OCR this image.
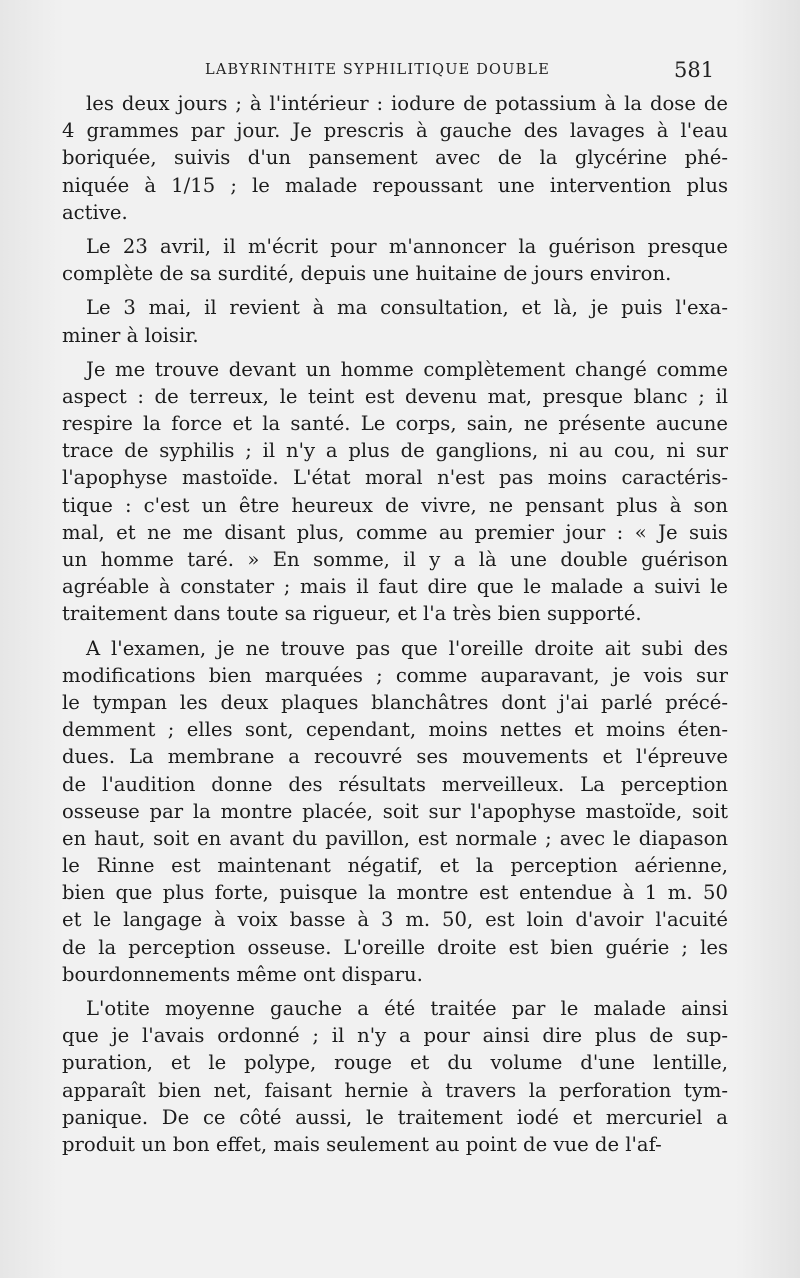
LABYRINTHITE SYPHILITIQUE DOUBLE	581
les deux jours ; à l'intérieur : iodure de potassium à la dose de
4 grammes par jour. Je prescris à gauche des lavages à l'eau
boriquée, suivis d'un pansement avec de la glycérine phé-
niquée à 1/15 ; le malade repoussant une intervention plus
active.
Le 23 avril, il m'écrit pour m'annoncer la guérison presque
complète de sa surdité, depuis une huitaine de jours environ.
Le 3 mai, il revient à ma consultation, et là, je puis l'exa-
miner à loisir.
Je me trouve devant un homme complètement changé comme
aspect : de terreux, le teint est devenu mat, presque blanc ; il
respire la force et la santé. Le corps, sain, ne présente aucune
trace de syphilis ; il n'y a plus de ganglions, ni au cou, ni sur
l'apophyse mastoïde. L'état moral n'est pas moins caractéris-
tique : c'est un être heureux de vivre, ne pensant plus à son
mal, et ne me disant plus, comme au premier jour : « Je suis
un homme taré. » En somme, il y a là une double guérison
agréable à constater ; mais il faut dire que le malade a suivi le
traitement dans toute sa rigueur, et l'a très bien supporté.
A l'examen, je ne trouve pas que l'oreille droite ait subi des
modifications bien marquées ; comme auparavant, je vois sur
le tympan les deux plaques blanchâtres dont j'ai parlé précé-
demment ; elles sont, cependant, moins nettes et moins éten-
dues. La membrane a recouvré ses mouvements et l'épreuve
de l'audition donne des résultats merveilleux. La perception
osseuse par la montre placée, soit sur l'apophyse mastoïde, soit
en haut, soit en avant du pavillon, est normale ; avec le diapason
le Rinne est maintenant négatif, et la perception aérienne,
bien que plus forte, puisque la montre est entendue à 1 m. 50
et le langage à voix basse à 3 m. 50, est loin d'avoir l'acuité
de la perception osseuse. L'oreille droite est bien guérie ; les
bourdonnements même ont disparu.
L'otite moyenne gauche a été traitée par le malade ainsi
que je l'avais ordonné ; il n'y a pour ainsi dire plus de sup-
puration, et le polype, rouge et du volume d'une lentille,
apparaît bien net, faisant hernie à travers la perforation tym-
panique. De ce côté aussi, le traitement iodé et mercuriel a
produit un bon effet, mais seulement au point de vue de l'af-
